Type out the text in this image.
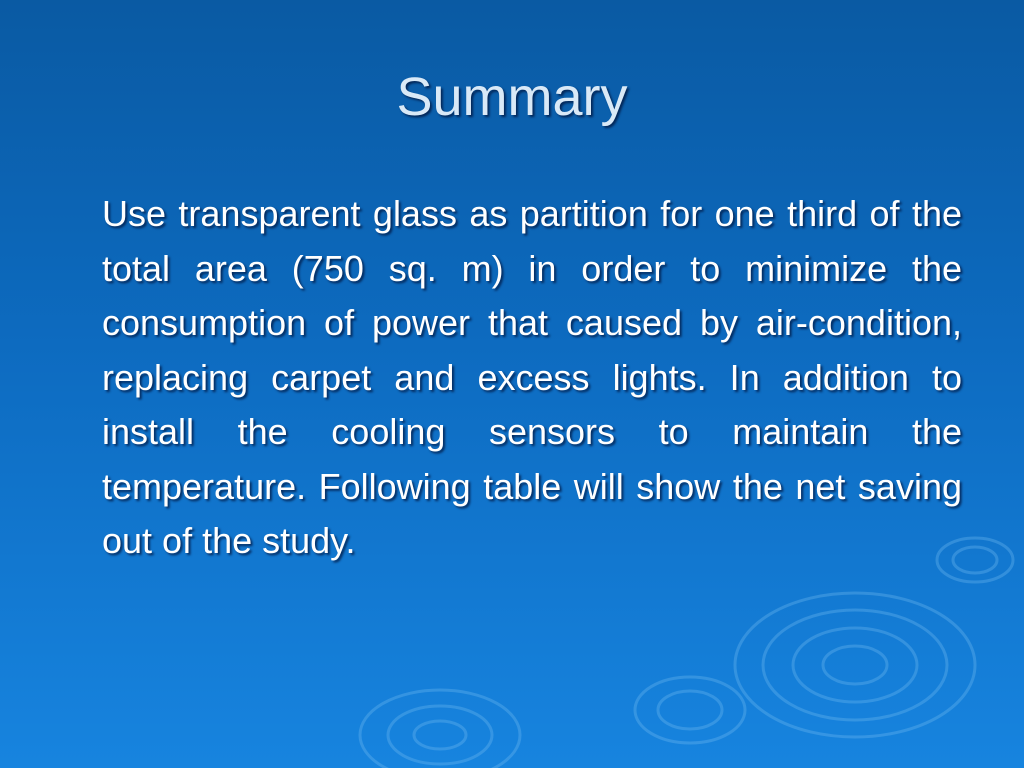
Summary

Use transparent glass as partition for one third of the total area (750 sq. m) in order to minimize the consumption of power that caused by air-condition, replacing carpet and excess lights. In addition to install the cooling sensors to maintain the temperature. Following table will show the net saving out of the study.
